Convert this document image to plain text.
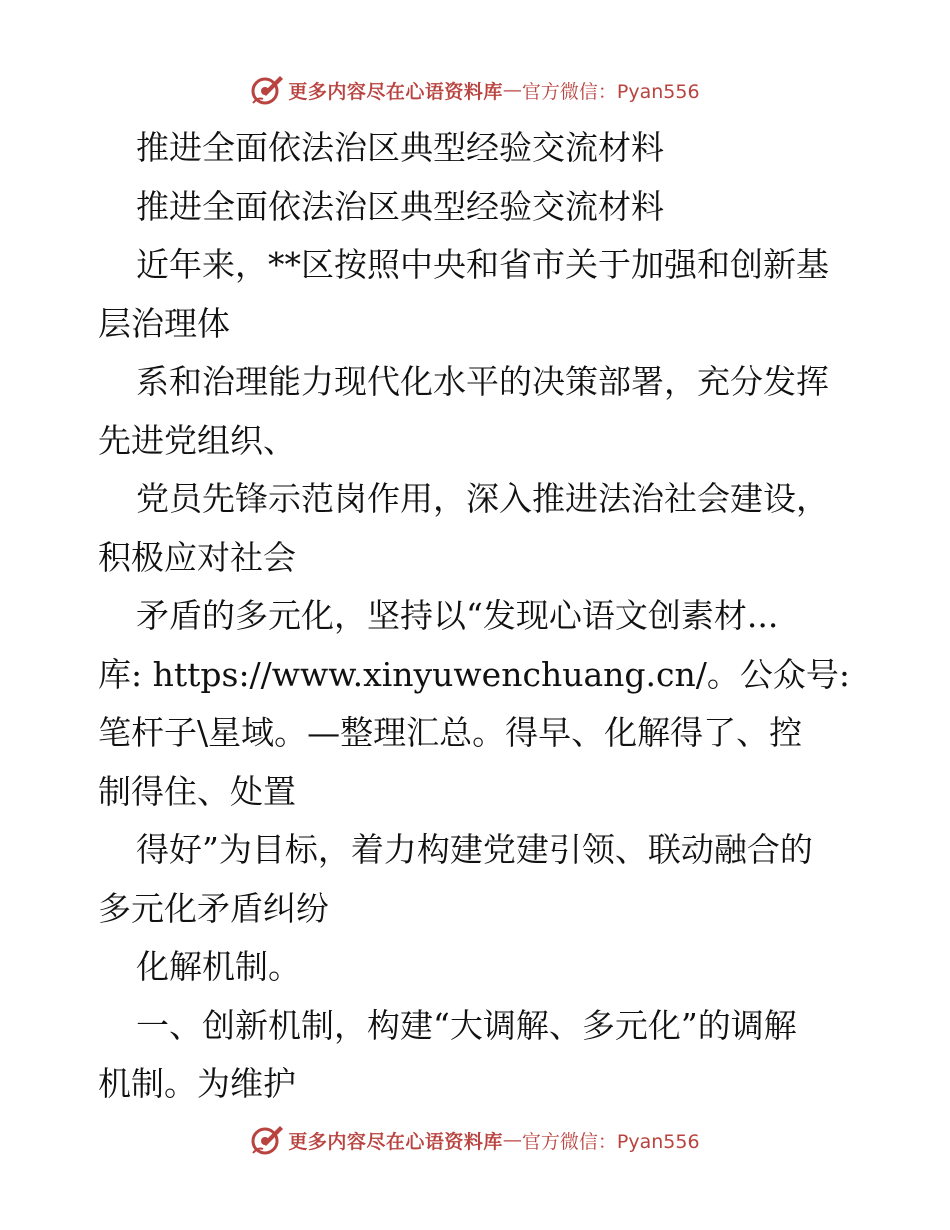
更多内容尽在心语资料库 — 官方微信：Pyan556
推进全面依法治区典型经验交流材料
推进全面依法治区典型经验交流材料
近年来，**区按照中央和省市关于加强和创新基
层治理体
系和治理能力现代化水平的决策部署，充分发挥
先进党组织、
党员先锋示范岗作用，深入推进法治社会建设，
积极应对社会
矛盾的多元化，坚持以“发现心语文创素材...
库: https://www.xinyuwenchuang.cn/。公众号:
笔杆子\星域。—整理汇总。得早、化解得了、控
制得住、处置
得好”为目标，着力构建党建引领、联动融合的
多元化矛盾纠纷
化解机制。
一、创新机制，构建“大调解、多元化”的调解
机制。为维护
更多内容尽在心语资料库 — 官方微信：Pyan556
